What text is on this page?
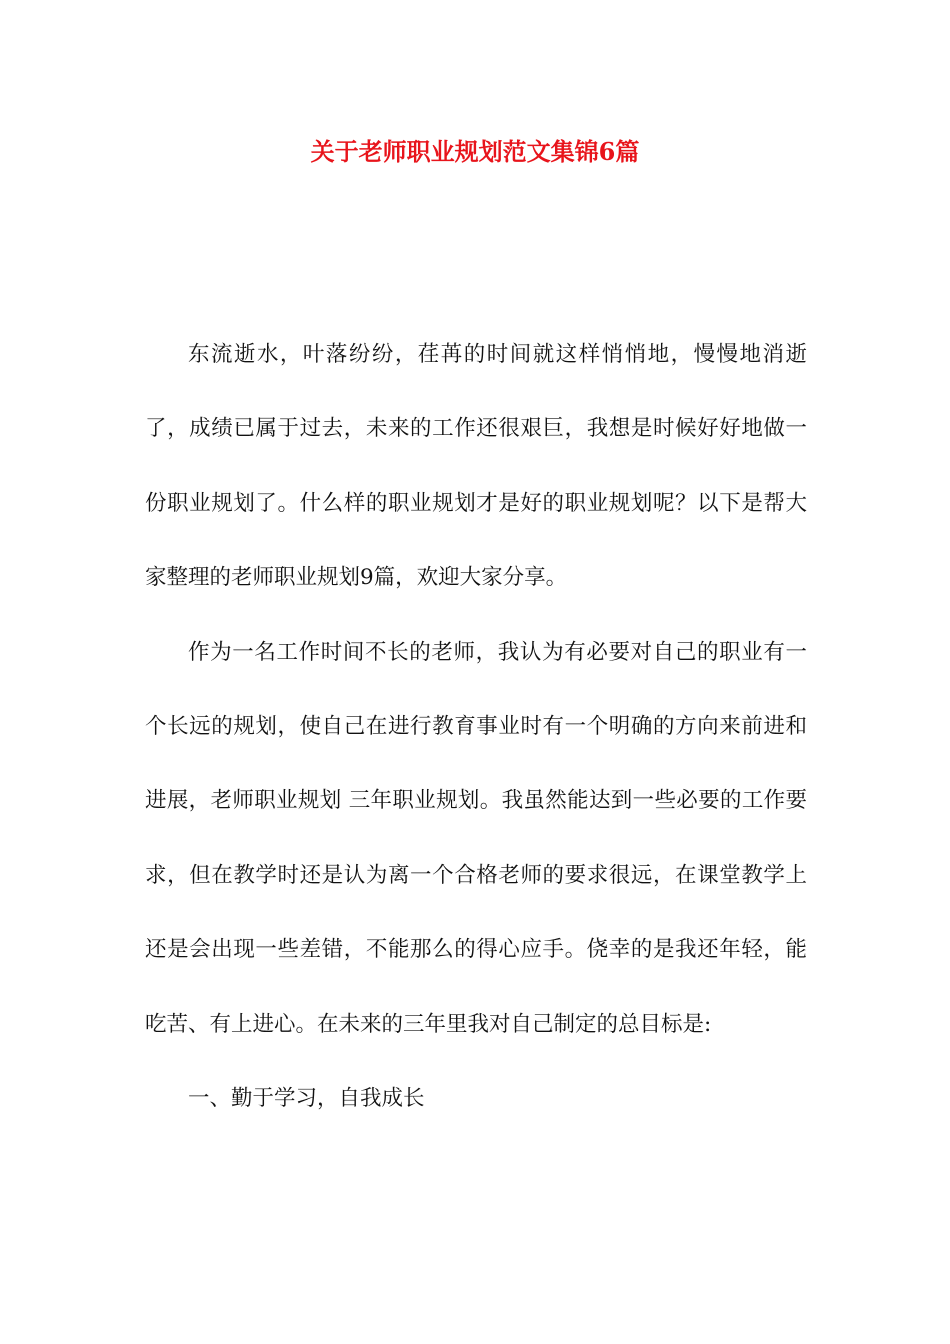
关于老师职业规划范文集锦6篇

东流逝水，叶落纷纷，荏苒的时间就这样悄悄地，慢慢地消逝了，成绩已属于过去，未来的工作还很艰巨，我想是时候好好地做一份职业规划了。什么样的职业规划才是好的职业规划呢？以下是帮大家整理的老师职业规划9篇，欢迎大家分享。

作为一名工作时间不长的老师，我认为有必要对自己的职业有一个长远的规划，使自己在进行教育事业时有一个明确的方向来前进和进展，老师职业规划 三年职业规划。我虽然能达到一些必要的工作要求，但在教学时还是认为离一个合格老师的要求很远，在课堂教学上还是会出现一些差错，不能那么的得心应手。侥幸的是我还年轻，能吃苦、有上进心。在未来的三年里我对自己制定的总目标是:

一、勤于学习，自我成长
